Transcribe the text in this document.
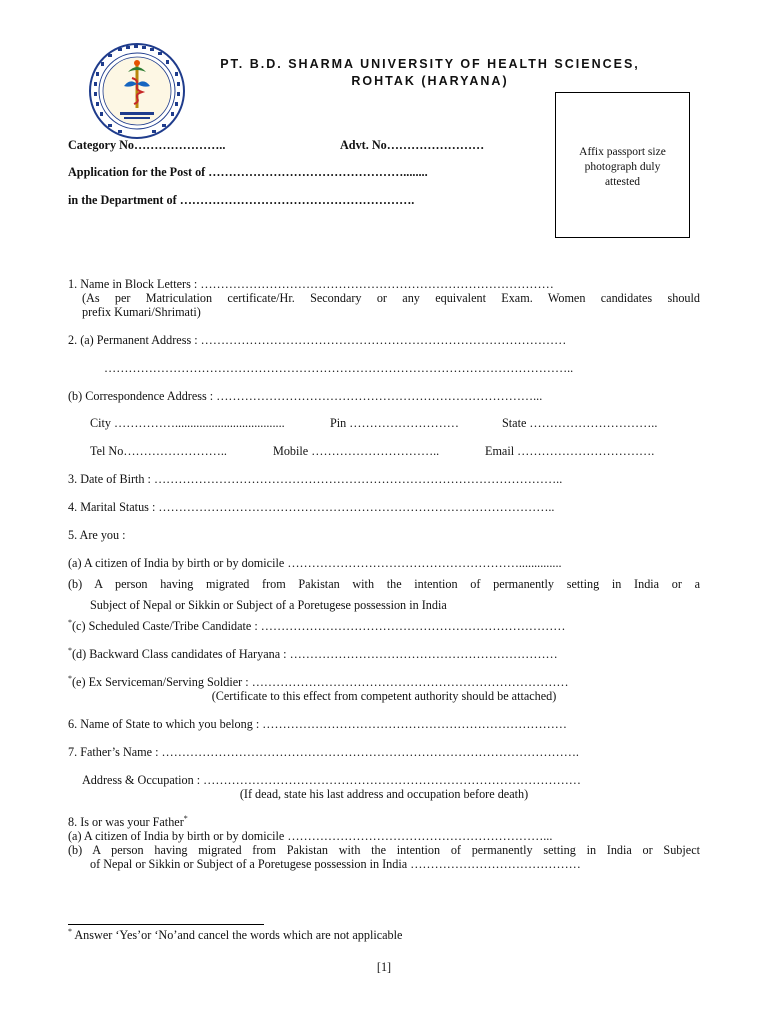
PT. B.D. SHARMA UNIVERSITY OF HEALTH SCIENCES,
ROHTAK (HARYANA)
Affix passport size
photograph duly
attested
Category No…………………..	Advt. No……………………
Application for the Post of …………………………………………........
in the Department of ………………………………………………….
1. Name in Block Letters : ……………………………………………………………………………
(As per Matriculation certificate/Hr. Secondary or any equivalent Exam. Women candidates should
prefix Kumari/Shrimati)
2. (a) Permanent Address : ………………………………………………………………………………
……………………………………………………………………………………………………..
(b) Correspondence Address : ……………………………………………………………………...
City ……………....................................	Pin ………………………	State …………………………..
Tel No……………………..	Mobile …………………………..	Email …………………………….
3. Date of Birth : ………………………………………………………………………………………..
4. Marital Status : ……………………………………………………………………………………..
5. Are you :
(a) A citizen of India by birth or by domicile …………………………………………………..............
(b) A person having migrated from Pakistan with the intention of permanently setting in India or a
Subject of Nepal or Sikkin or Subject of a Poretugese possession in India
*(c) Scheduled Caste/Tribe Candidate : …………………………………………………………………
*(d) Backward Class candidates of Haryana : …………………………………………………………
*(e) Ex Serviceman/Serving Soldier : ……………………………………………………………………
(Certificate to this effect from competent authority should be attached)
6. Name of State to which you belong : …………………………………………………………………
7. Father’s Name : ………………………………………………………………………………………….
Address & Occupation : …………………………………………………………………………………
(If dead, state his last address and occupation before death)
8. Is or was your Father*
(a) A citizen of India by birth or by domicile ………………………………………………………...
(b) A person having migrated from Pakistan with the intention of permanently setting in India or Subject
of Nepal or Sikkin or Subject of a Poretugese possession in India ……………………………………
* Answer ‘Yes’or ‘No’and cancel the words which are not applicable
[1]
